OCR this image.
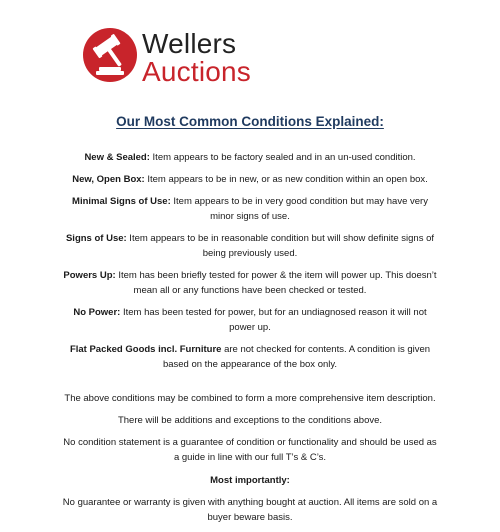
Wellers
Auctions
Our Most Common Conditions Explained:

New & Sealed: Item appears to be factory sealed and in an un-used condition.

New, Open Box: Item appears to be in new, or as new condition within an open box.

Minimal Signs of Use: Item appears to be in very good condition but may have very minor signs of use.

Signs of Use: Item appears to be in reasonable condition but will show definite signs of being previously used.

Powers Up: Item has been briefly tested for power & the item will power up. This doesn’t mean all or any functions have been checked or tested.

No Power: Item has been tested for power, but for an undiagnosed reason it will not power up.

Flat Packed Goods incl. Furniture are not checked for contents. A condition is given based on the appearance of the box only.

The above conditions may be combined to form a more comprehensive item description.

There will be additions and exceptions to the conditions above.

No condition statement is a guarantee of condition or functionality and should be used as a guide in line with our full T’s & C’s.

Most importantly:

No guarantee or warranty is given with anything bought at auction. All items are sold on a buyer beware basis.
